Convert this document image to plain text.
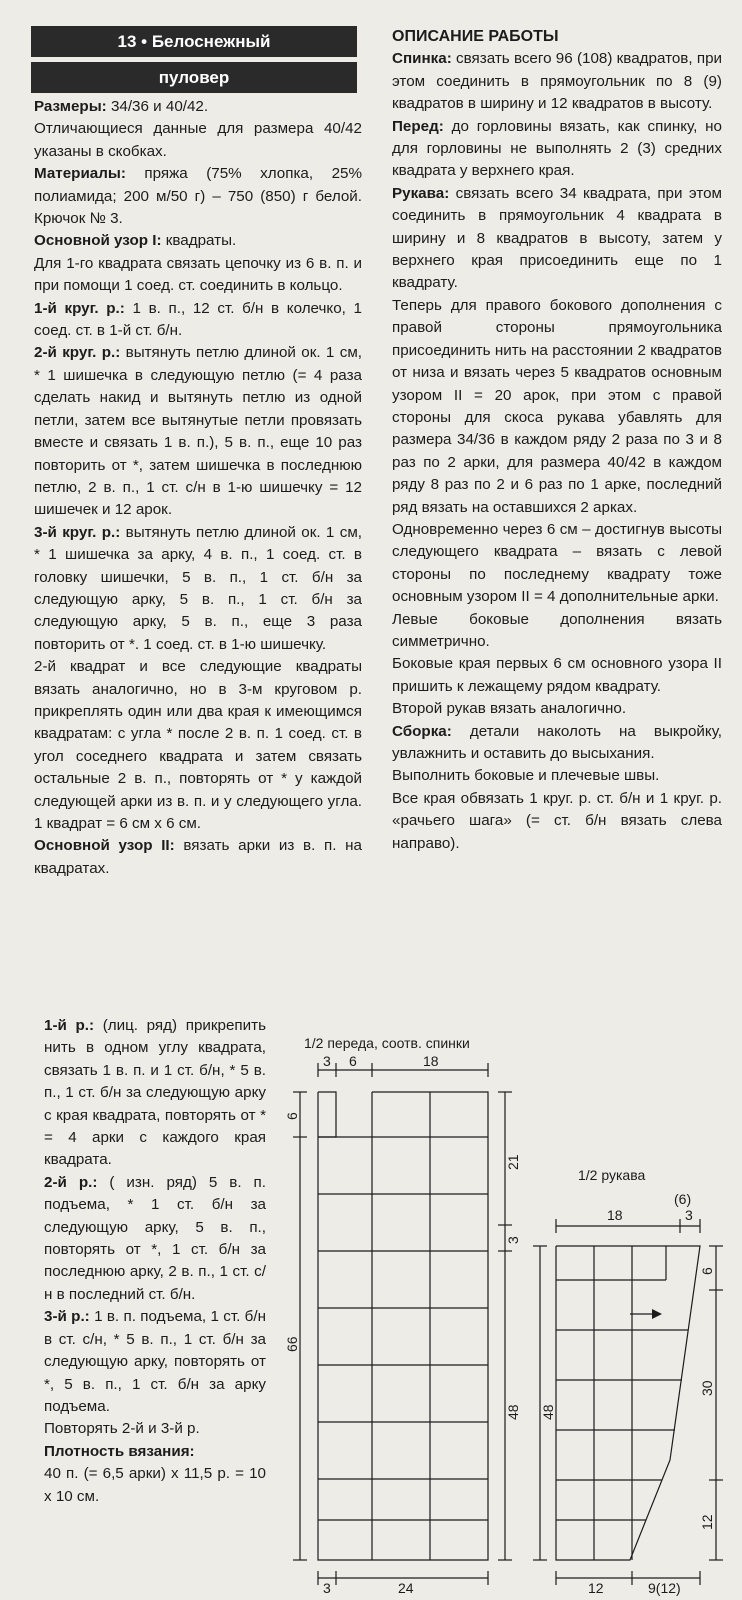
13 • Белоснежный
пуловер

Размеры: 34/36 и 40/42.

Отличающиеся данные для размера 40/42 указаны в скобках.

Материалы: пряжа (75% хлопка, 25% полиамида; 200 м/50 г) – 750 (850) г белой. Крючок № 3.

Основной узор I: квадраты.

Для 1-го квадрата связать цепочку из 6 в. п. и при помощи 1 соед. ст. соединить в кольцо.

1-й круг. р.: 1 в. п., 12 ст. б/н в колечко, 1 соед. ст. в 1-й ст. б/н.

2-й круг. р.: вытянуть петлю длиной ок. 1 см, * 1 шишечка в следующую петлю (= 4 раза сделать накид и вытянуть петлю из одной петли, затем все вытянутые петли провязать вместе и связать 1 в. п.), 5 в. п., еще 10 раз повторить от *, затем шишечка в последнюю петлю, 2 в. п., 1 ст. с/н в 1-ю шишечку = 12 шишечек и 12 арок.

3-й круг. р.: вытянуть петлю длиной ок. 1 см, * 1 шишечка за арку, 4 в. п., 1 соед. ст. в головку шишечки, 5 в. п., 1 ст. б/н за следующую арку, 5 в. п., 1 ст. б/н за следующую арку, 5 в. п., еще 3 раза повторить от *. 1 соед. ст. в 1-ю шишечку.

2-й квадрат и все следующие квадраты вязать аналогично, но в 3-м круговом р. прикреплять один или два края к имеющимся квадратам: с угла * после 2 в. п. 1 соед. ст. в угол соседнего квадрата и затем связать остальные 2 в. п., повторять от * у каждой следующей арки из в. п. и у следующего угла. 1 квадрат = 6 см х 6 см.

Основной узор II: вязать арки из в. п. на квадратах.

1-й р.: (лиц. ряд) прикрепить нить в одном углу квадрата, связать 1 в. п. и 1 ст. б/н, * 5 в. п., 1 ст. б/н за следующую арку с края квадрата, повторять от * = 4 арки с каждого края квадрата.

2-й р.: ( изн. ряд) 5 в. п. подъема, * 1 ст. б/н за следующую арку, 5 в. п., повторять от *, 1 ст. б/н за последнюю арку, 2 в. п., 1 ст. с/н в последний ст. б/н.

3-й р.: 1 в. п. подъема, 1 ст. б/н в ст. с/н, * 5 в. п., 1 ст. б/н за следующую арку, повторять от *, 5 в. п., 1 ст. б/н за арку подъема.

Повторять 2-й и 3-й р.

Плотность вязания:

40 п. (= 6,5 арки) х 11,5 р. = 10 х 10 см.

ОПИСАНИЕ РАБОТЫ

Спинка: связать всего 96 (108) квадратов, при этом соединить в прямоугольник по 8 (9) квадратов в ширину и 12 квадратов в высоту.

Перед: до горловины вязать, как спинку, но для горловины не выполнять 2 (3) средних квадрата у верхнего края.

Рукава: связать всего 34 квадрата, при этом соединить в прямоугольник 4 квадрата в ширину и 8 квадратов в высоту, затем у верхнего края присоединить еще по 1 квадрату.

Теперь для правого бокового дополнения с правой стороны прямоугольника присоединить нить на расстоянии 2 квадратов от низа и вязать через 5 квадратов основным узором II = 20 арок, при этом с правой стороны для скоса рукава убавлять для размера 34/36 в каждом ряду 2 раза по 3 и 8 раз по 2 арки, для размера 40/42 в каждом ряду 8 раз по 2 и 6 раз по 1 арке, последний ряд вязать на оставшихся 2 арках.

Одновременно через 6 см – достигнув высоты следующего квадрата – вязать с левой стороны по последнему квадрату тоже основным узором II = 4 дополнительные арки.

Левые боковые дополнения вязать симметрично.

Боковые края первых 6 см основного узора II пришить к лежащему рядом квадрату.

Второй рукав вязать аналогично.

Сборка: детали наколоть на выкройку, увлажнить и оставить до высыхания.

Выполнить боковые и плечевые швы.

Все края обвязать 1 круг. р. ст. б/н и 1 круг. р. «рачьего шага» (= ст. б/н вязать слева направо).

1/2 переда, соотв. спинки
3 6	18
6
66
21
3
48
3	24
1/2 рукава
18
(6)
3
48
6
30
12
12	9(12)
